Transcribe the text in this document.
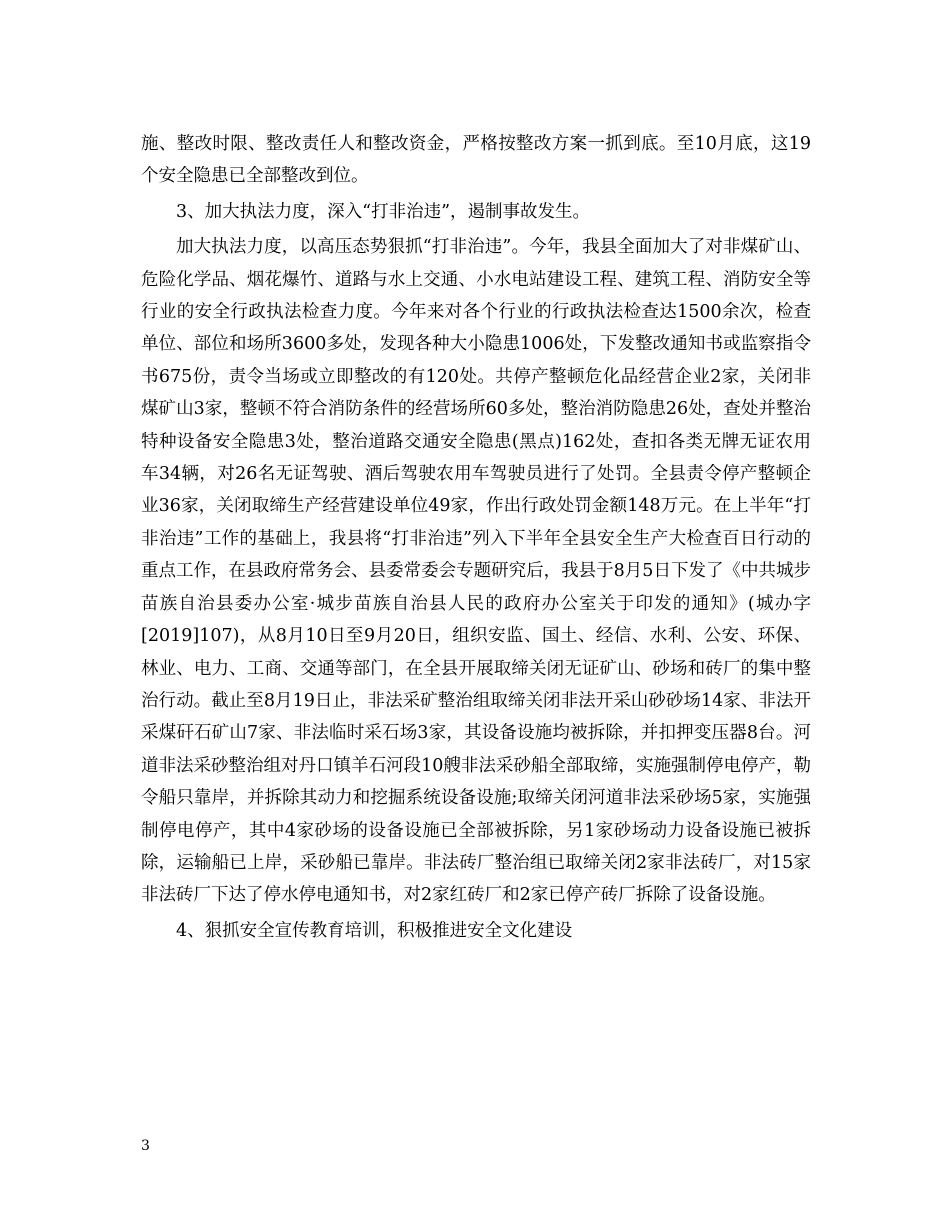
施、整改时限、整改责任人和整改资金，严格按整改方案一抓到底。至10月底，这19个安全隐患已全部整改到位。

3、加大执法力度，深入“打非治违”，遏制事故发生。

加大执法力度，以高压态势狠抓“打非治违”。今年，我县全面加大了对非煤矿山、危险化学品、烟花爆竹、道路与水上交通、小水电站建设工程、建筑工程、消防安全等行业的安全行政执法检查力度。今年来对各个行业的行政执法检查达1500余次，检查单位、部位和场所3600多处，发现各种大小隐患1006处，下发整改通知书或监察指令书675份，责令当场或立即整改的有120处。共停产整顿危化品经营企业2家，关闭非煤矿山3家，整顿不符合消防条件的经营场所60多处，整治消防隐患26处，查处并整治特种设备安全隐患3处，整治道路交通安全隐患(黑点)162处，查扣各类无牌无证农用车34辆，对26名无证驾驶、酒后驾驶农用车驾驶员进行了处罚。全县责令停产整顿企业36家，关闭取缔生产经营建设单位49家，作出行政处罚金额148万元。在上半年“打非治违”工作的基础上，我县将“打非治违”列入下半年全县安全生产大检查百日行动的重点工作，在县政府常务会、县委常委会专题研究后，我县于8月5日下发了《中共城步苗族自治县委办公室·城步苗族自治县人民的政府办公室关于印发的通知》(城办字[2019]107)，从8月10日至9月20日，组织安监、国土、经信、水利、公安、环保、林业、电力、工商、交通等部门，在全县开展取缔关闭无证矿山、砂场和砖厂的集中整治行动。截止至8月19日止，非法采矿整治组取缔关闭非法开采山砂砂场14家、非法开采煤矸石矿山7家、非法临时采石场3家，其设备设施均被拆除，并扣押变压器8台。河道非法采砂整治组对丹口镇羊石河段10艘非法采砂船全部取缔，实施强制停电停产，勒令船只靠岸，并拆除其动力和挖掘系统设备设施;取缔关闭河道非法采砂场5家，实施强制停电停产，其中4家砂场的设备设施已全部被拆除，另1家砂场动力设备设施已被拆除，运输船已上岸，采砂船已靠岸。非法砖厂整治组已取缔关闭2家非法砖厂，对15家非法砖厂下达了停水停电通知书，对2家红砖厂和2家已停产砖厂拆除了设备设施。

4、狠抓安全宣传教育培训，积极推进安全文化建设

3
